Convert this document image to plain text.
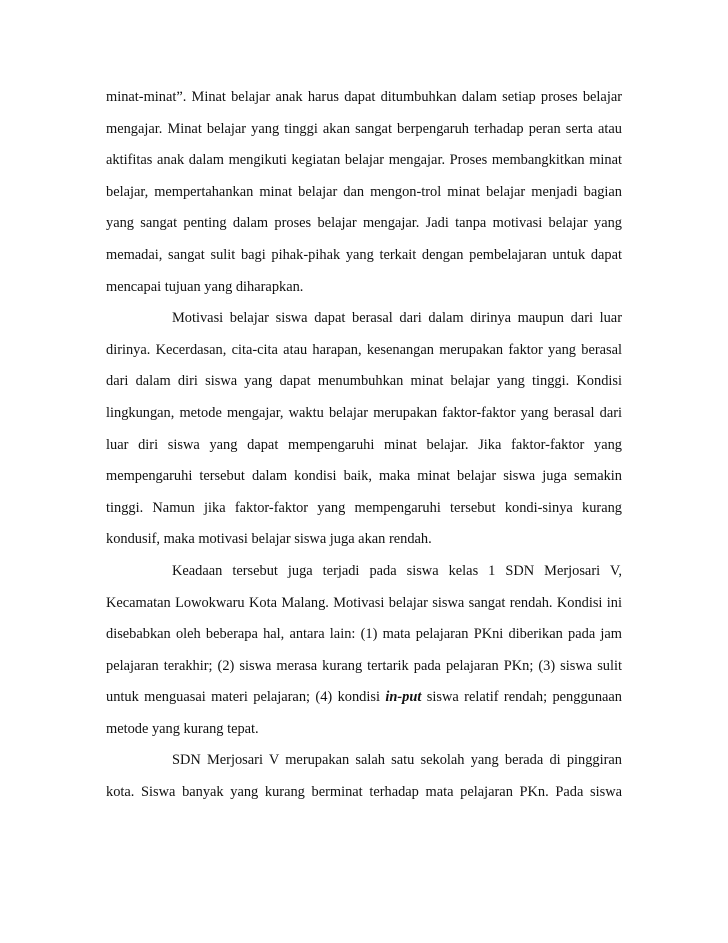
minat-minat”. Minat belajar anak harus dapat ditumbuhkan dalam setiap proses belajar
mengajar. Minat belajar yang tinggi akan sangat berpengaruh terhadap peran serta atau
aktifitas anak dalam mengikuti kegiatan belajar mengajar. Proses membangkitkan minat
belajar, mempertahankan minat belajar dan mengon-trol minat belajar menjadi bagian
yang sangat penting dalam proses belajar mengajar. Jadi tanpa motivasi belajar yang
memadai, sangat sulit bagi pihak-pihak yang terkait dengan pembelajaran untuk dapat
mencapai tujuan yang diharapkan.
Motivasi belajar siswa dapat berasal dari dalam dirinya maupun dari luar
dirinya. Kecerdasan, cita-cita atau harapan, kesenangan merupakan faktor yang berasal
dari dalam diri siswa yang dapat menumbuhkan minat belajar yang tinggi. Kondisi
lingkungan, metode mengajar, waktu belajar merupakan faktor-faktor yang berasal dari
luar diri siswa yang dapat mempengaruhi minat belajar. Jika faktor-faktor yang
mempengaruhi tersebut dalam kondisi baik, maka minat belajar siswa juga semakin
tinggi. Namun jika faktor-faktor yang mempengaruhi tersebut kondi-sinya kurang
kondusif, maka motivasi belajar siswa juga akan rendah.
Keadaan tersebut juga terjadi pada siswa kelas 1 SDN Merjosari V,
Kecamatan Lowokwaru Kota Malang. Motivasi belajar siswa sangat rendah. Kondisi ini
disebabkan oleh beberapa hal, antara lain: (1) mata pelajaran PKni diberikan pada jam
pelajaran terakhir; (2) siswa merasa kurang tertarik pada pelajaran PKn; (3) siswa sulit
untuk menguasai materi pelajaran; (4) kondisi in-put siswa relatif rendah; penggunaan
metode yang kurang tepat.
SDN Merjosari V merupakan salah satu sekolah yang berada di pinggiran
kota. Siswa banyak yang kurang berminat terhadap mata pelajaran PKn. Pada siswa
